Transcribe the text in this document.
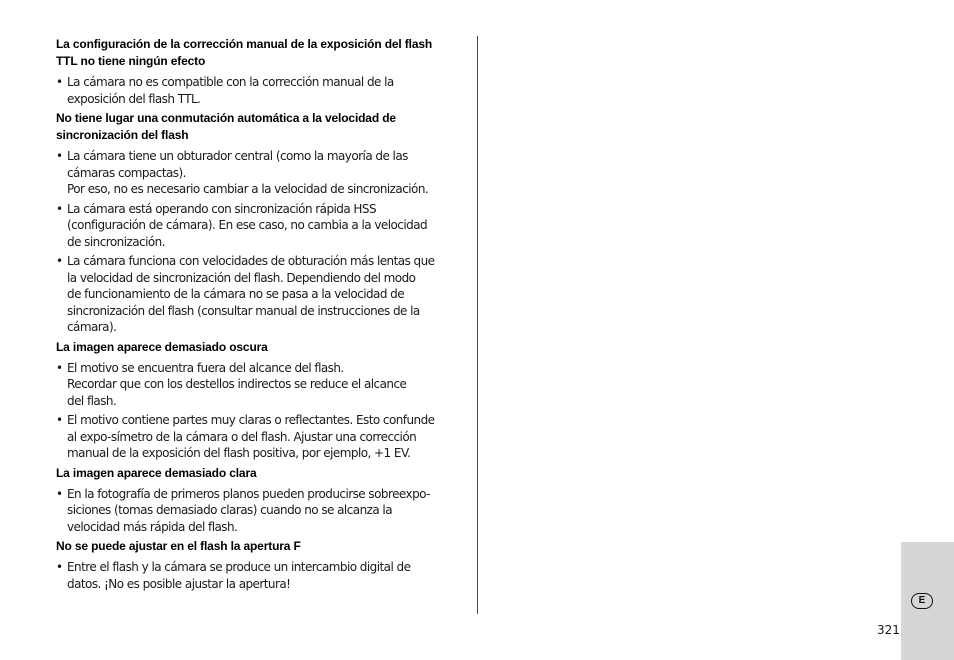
La configuración de la corrección manual de la exposición del flash
TTL no tiene ningún efecto

• La cámara no es compatible con la corrección manual de la
exposición del flash TTL.

No tiene lugar una conmutación automática a la velocidad de
sincronización del flash

• La cámara tiene un obturador central (como la mayoría de las
cámaras compactas).
Por eso, no es necesario cambiar a la velocidad de sincronización.
• La cámara está operando con sincronización rápida HSS
(configuración de cámara). En ese caso, no cambia a la velocidad
de sincronización.
• La cámara funciona con velocidades de obturación más lentas que
la velocidad de sincronización del flash. Dependiendo del modo
de funcionamiento de la cámara no se pasa a la velocidad de
sincronización del flash (consultar manual de instrucciones de la
cámara).

La imagen aparece demasiado oscura

• El motivo se encuentra fuera del alcance del flash.
Recordar que con los destellos indirectos se reduce el alcance
del flash.
• El motivo contiene partes muy claras o reflectantes. Esto confunde
al expo-símetro de la cámara o del flash. Ajustar una corrección
manual de la exposición del flash positiva, por ejemplo, +1 EV.

La imagen aparece demasiado clara

• En la fotografía de primeros planos pueden producirse sobreexpo-
siciones (tomas demasiado claras) cuando no se alcanza la
velocidad más rápida del flash.

No se puede ajustar en el flash la apertura F

• Entre el flash y la cámara se produce un intercambio digital de
datos. ¡No es posible ajustar la apertura!
E
321
